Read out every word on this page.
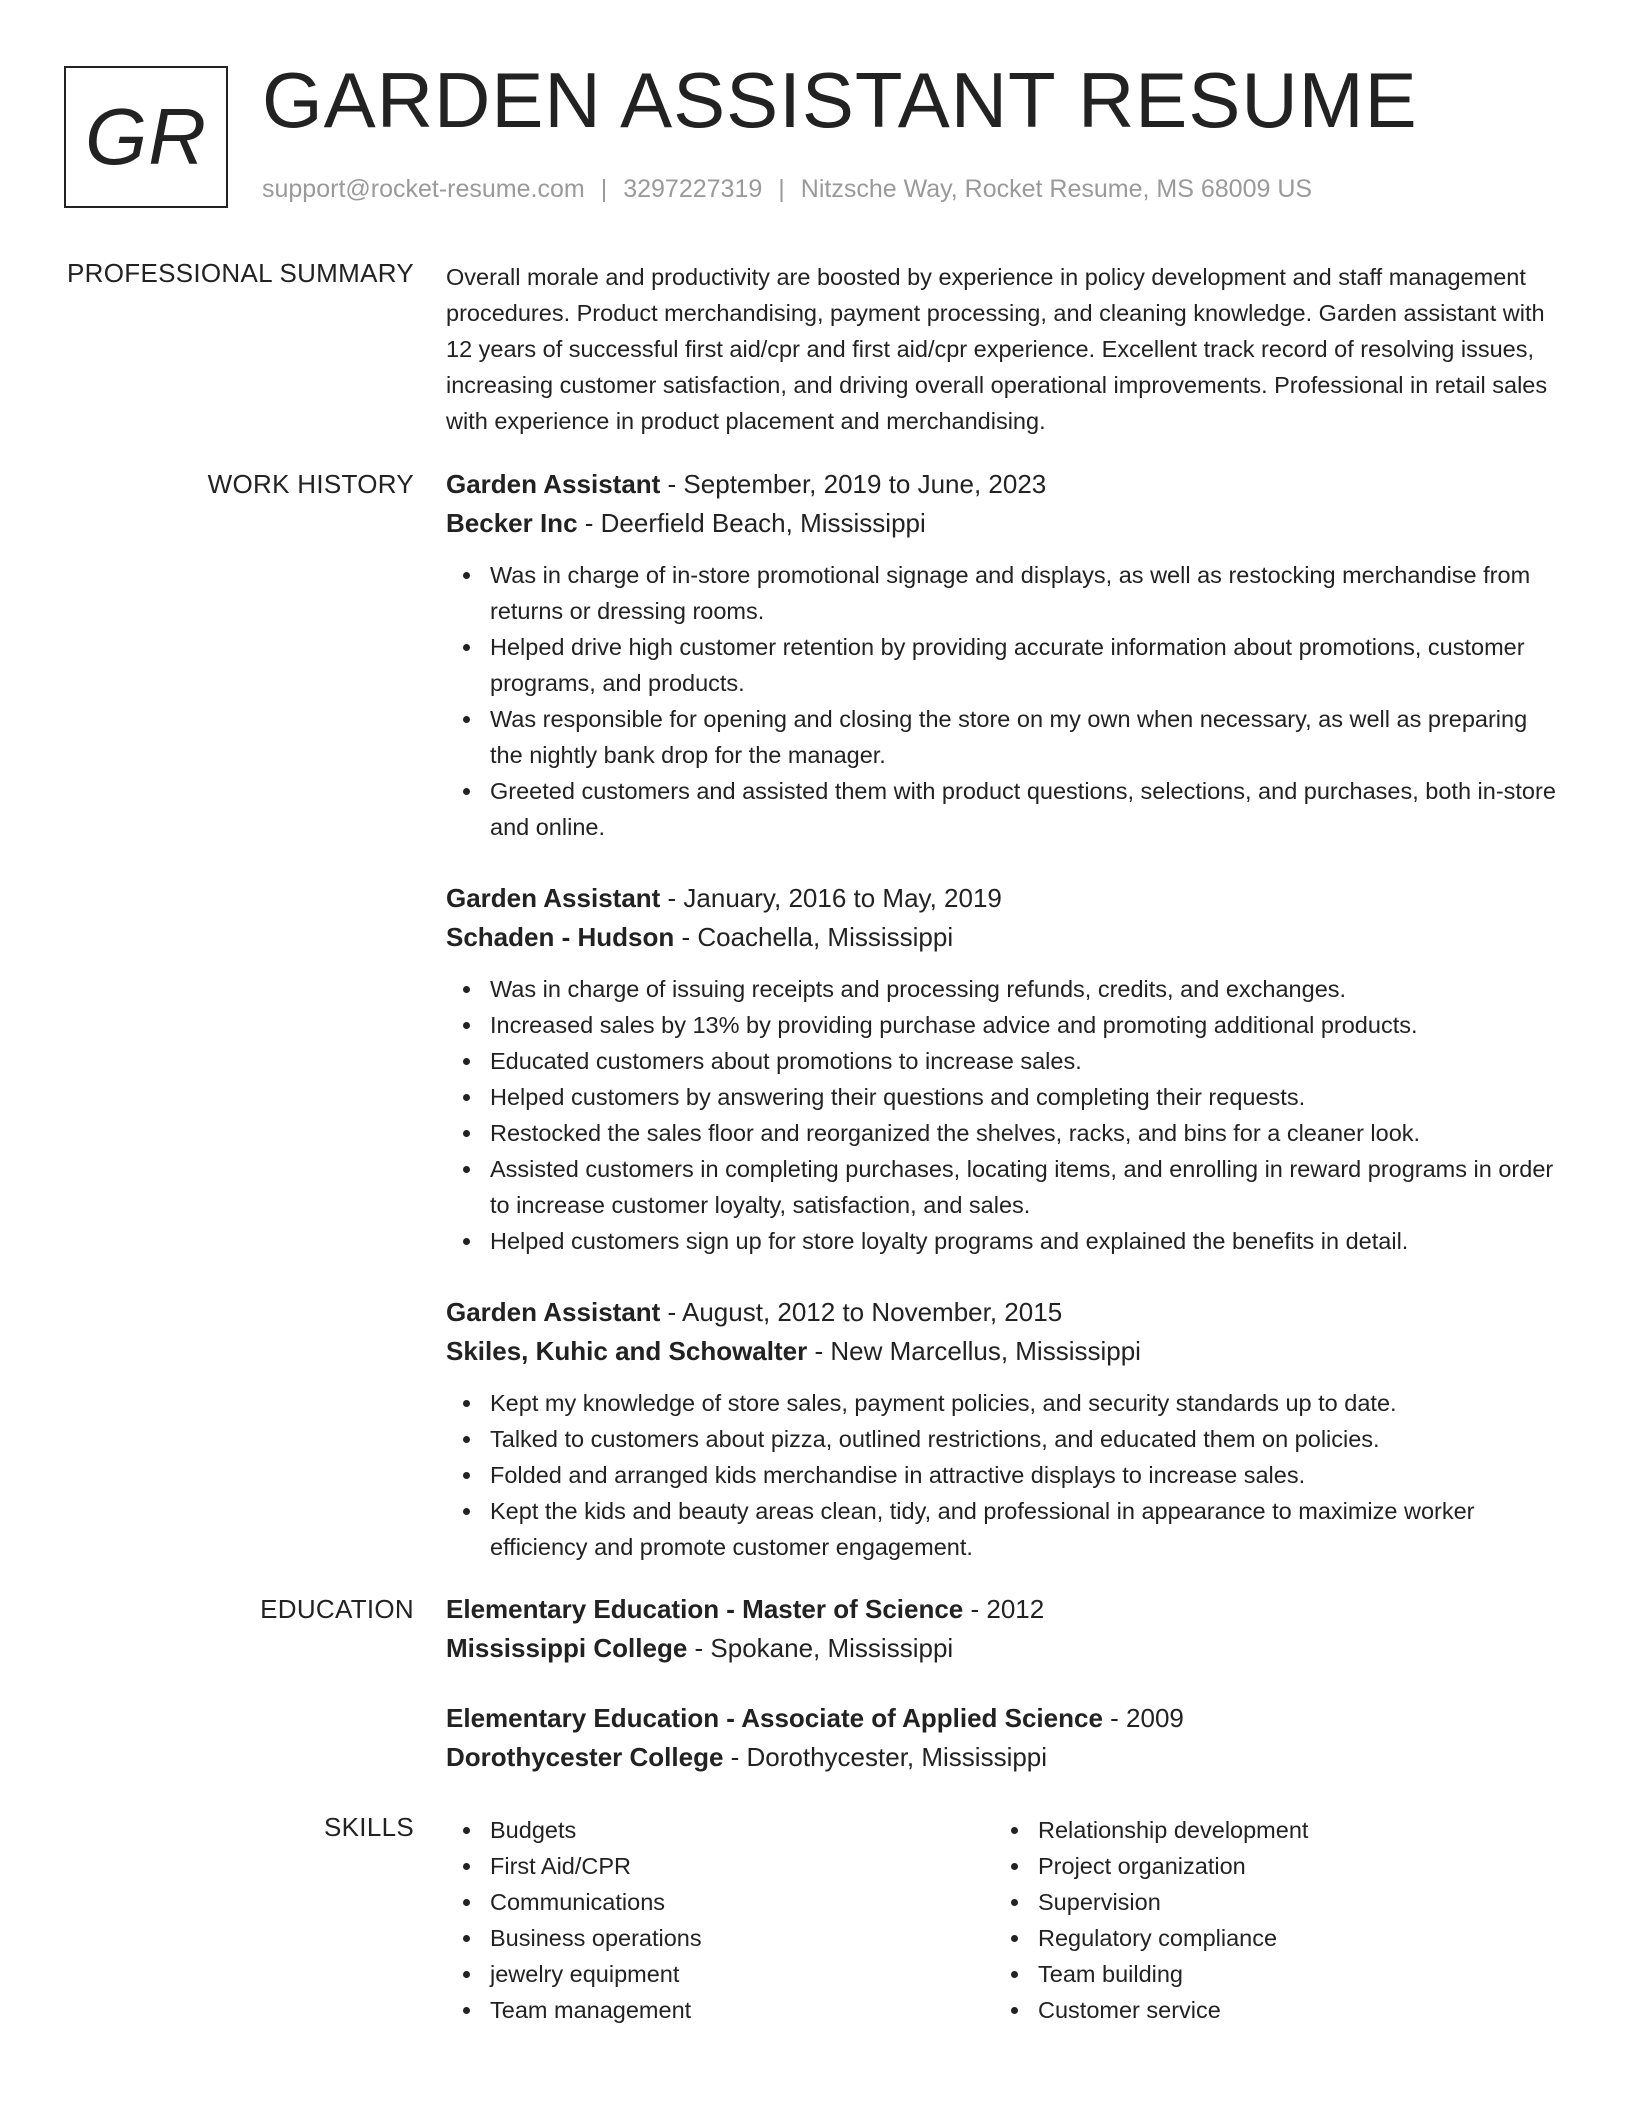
GR GARDEN ASSISTANT RESUME
support@rocket-resume.com | 3297227319 | Nitzsche Way, Rocket Resume, MS 68009 US
PROFESSIONAL SUMMARY Overall morale and productivity are boosted by experience in policy development and staff management procedures. Product merchandising, payment processing, and cleaning knowledge. Garden assistant with 12 years of successful first aid/cpr and first aid/cpr experience. Excellent track record of resolving issues, increasing customer satisfaction, and driving overall operational improvements. Professional in retail sales with experience in product placement and merchandising.

WORK HISTORY Garden Assistant - September, 2019 to June, 2023
Becker Inc - Deerfield Beach, Mississippi
Was in charge of in-store promotional signage and displays, as well as restocking merchandise from returns or dressing rooms.
Helped drive high customer retention by providing accurate information about promotions, customer programs, and products.
Was responsible for opening and closing the store on my own when necessary, as well as preparing the nightly bank drop for the manager.
Greeted customers and assisted them with product questions, selections, and purchases, both in-store and online.
Garden Assistant - January, 2016 to May, 2019
Schaden - Hudson - Coachella, Mississippi
Was in charge of issuing receipts and processing refunds, credits, and exchanges.
Increased sales by 13% by providing purchase advice and promoting additional products.
Educated customers about promotions to increase sales.
Helped customers by answering their questions and completing their requests.
Restocked the sales floor and reorganized the shelves, racks, and bins for a cleaner look.
Assisted customers in completing purchases, locating items, and enrolling in reward programs in order to increase customer loyalty, satisfaction, and sales.
Helped customers sign up for store loyalty programs and explained the benefits in detail.
Garden Assistant - August, 2012 to November, 2015
Skiles, Kuhic and Schowalter - New Marcellus, Mississippi
Kept my knowledge of store sales, payment policies, and security standards up to date.
Talked to customers about pizza, outlined restrictions, and educated them on policies.
Folded and arranged kids merchandise in attractive displays to increase sales.
Kept the kids and beauty areas clean, tidy, and professional in appearance to maximize worker efficiency and promote customer engagement.
EDUCATION Elementary Education - Master of Science - 2012
Mississippi College - Spokane, Mississippi
Elementary Education - Associate of Applied Science - 2009
Dorothycester College - Dorothycester, Mississippi
SKILLS	Budgets
First Aid/CPR
Communications
Business operations
jewelry equipment
Team management
Relationship development
Project organization
Supervision
Regulatory compliance
Team building
Customer service
